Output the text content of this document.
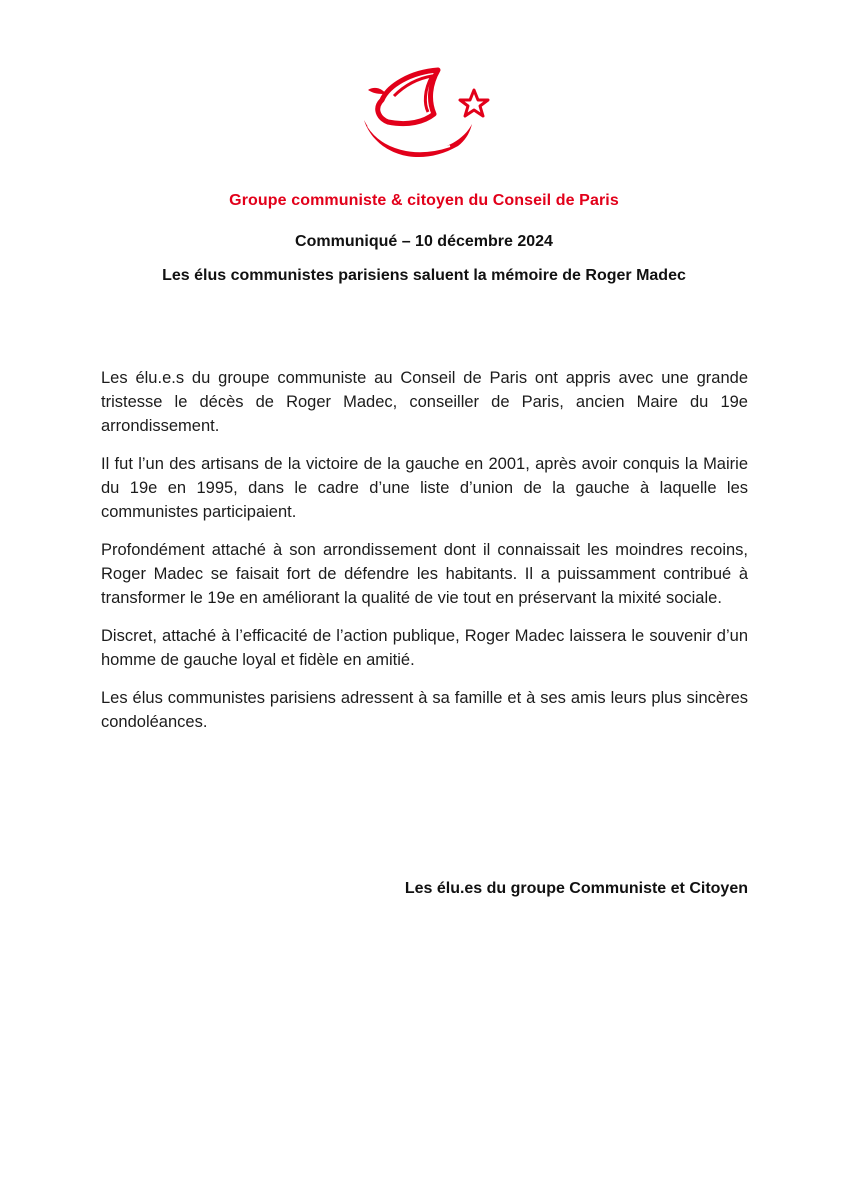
Groupe communiste & citoyen du Conseil de Paris
Communiqué – 10 décembre 2024
Les élus communistes parisiens saluent la mémoire de Roger Madec

Les élu.e.s du groupe communiste au Conseil de Paris ont appris avec une grande tristesse le décès de Roger Madec, conseiller de Paris, ancien Maire du 19e arrondissement.

Il fut l’un des artisans de la victoire de la gauche en 2001, après avoir conquis la Mairie du 19e en 1995, dans le cadre d’une liste d’union de la gauche à laquelle les communistes participaient.

Profondément attaché à son arrondissement dont il connaissait les moindres recoins, Roger Madec se faisait fort de défendre les habitants. Il a puissamment contribué à transformer le 19e en améliorant la qualité de vie tout en préservant la mixité sociale.

Discret, attaché à l’efficacité de l’action publique, Roger Madec laissera le souvenir d’un homme de gauche loyal et fidèle en amitié.

Les élus communistes parisiens adressent à sa famille et à ses amis leurs plus sincères condoléances.

Les élu.es du groupe Communiste et Citoyen
